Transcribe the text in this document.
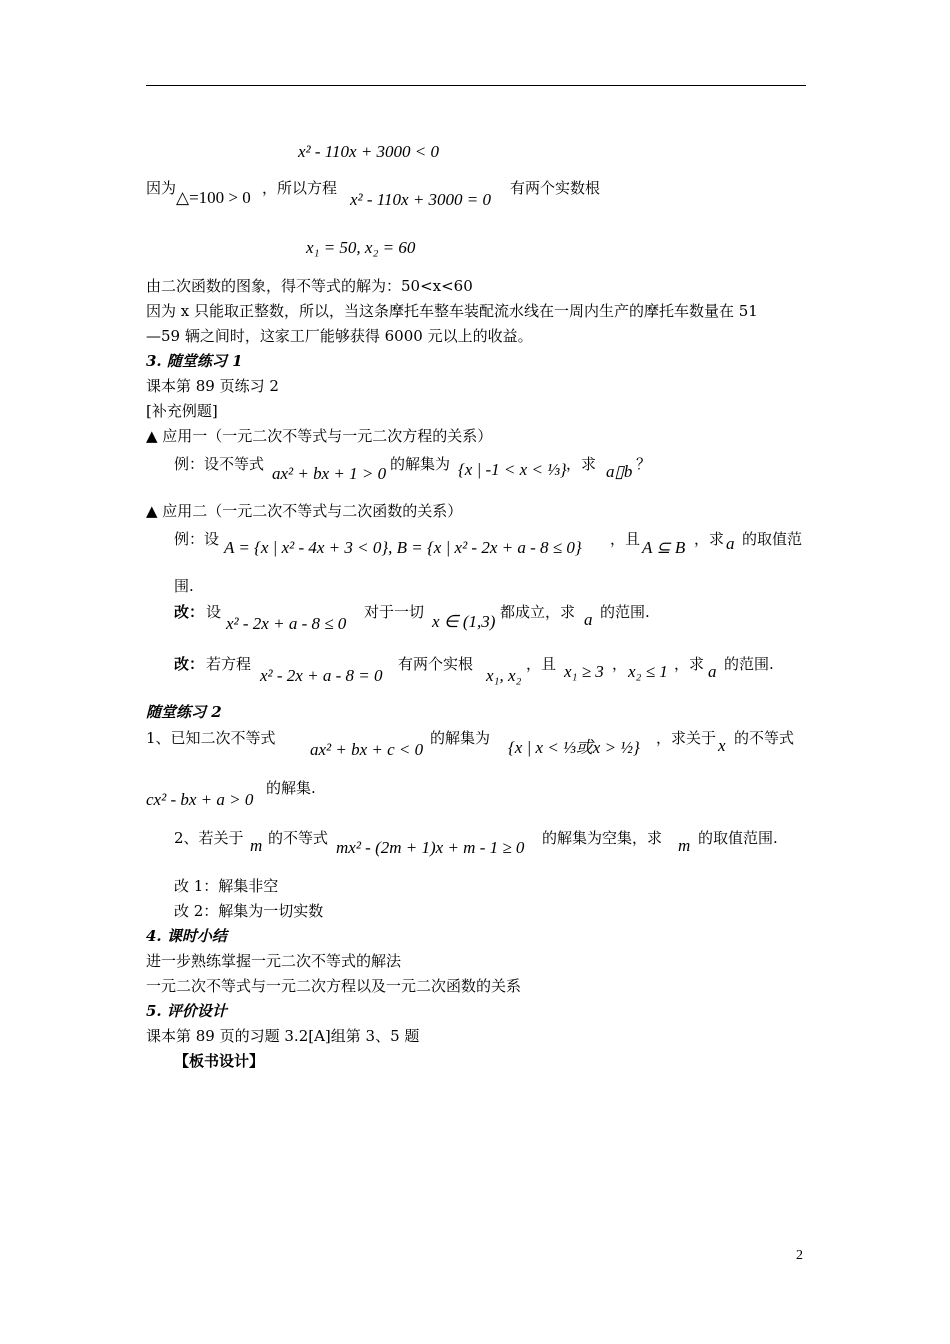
x² - 110x + 3000 < 0
因为 △=100 > 0 ，所以方程
x² - 110x + 3000 = 0
有两个实数根
x₁ = 50, x₂ = 60
由二次函数的图象，得不等式的解为：50<x<60
因为 x 只能取正整数，所以，当这条摩托车整车装配流水线在一周内生产的摩托车数量在 51
—59 辆之间时，这家工厂能够获得 6000 元以上的收益。
3. 随堂练习 1
课本第 89 页练习 2
[补充例题]
▲ 应用一（一元二次不等式与一元二次方程的关系）
例：设不等式 ax² + bx + 1 > 0 的解集为 {x | -1 < x < ⅓} ，求 a▯b ？
▲ 应用二（一元二次不等式与二次函数的关系）
例：设 A = {x | x² - 4x + 3 < 0}, B = {x | x² - 2x + a - 8 ≤ 0} ，且 A ⊆ B ，求 a 的取值范
围.
改： 设
x² - 2x + a - 8 ≤ 0
对于一切 x ∈ (1,3) 都成立，求 a 的范围.
改： 若方程
x² - 2x + a - 8 = 0
有两个实根
x₁, x₂
，且 x₁ ≥ 3 ， x₂ ≤ 1 ，求 a 的范围.
随堂练习 2
1、已知二次不等式
ax² + bx + c < 0
的解集为 {x | x < ⅓或x > ½} ，求关于 x 的不等式
cx² - bx + a > 0
的解集.
2、若关于 m 的不等式 mx² - (2m + 1)x + m - 1 ≥ 0 的解集为空集，求 m 的取值范围.
改 1：解集非空
改 2：解集为一切实数
4. 课时小结
进一步熟练掌握一元二次不等式的解法
一元二次不等式与一元二次方程以及一元二次函数的关系
5. 评价设计
课本第 89 页的习题 3.2[A]组第 3、5 题
【板书设计】
2
